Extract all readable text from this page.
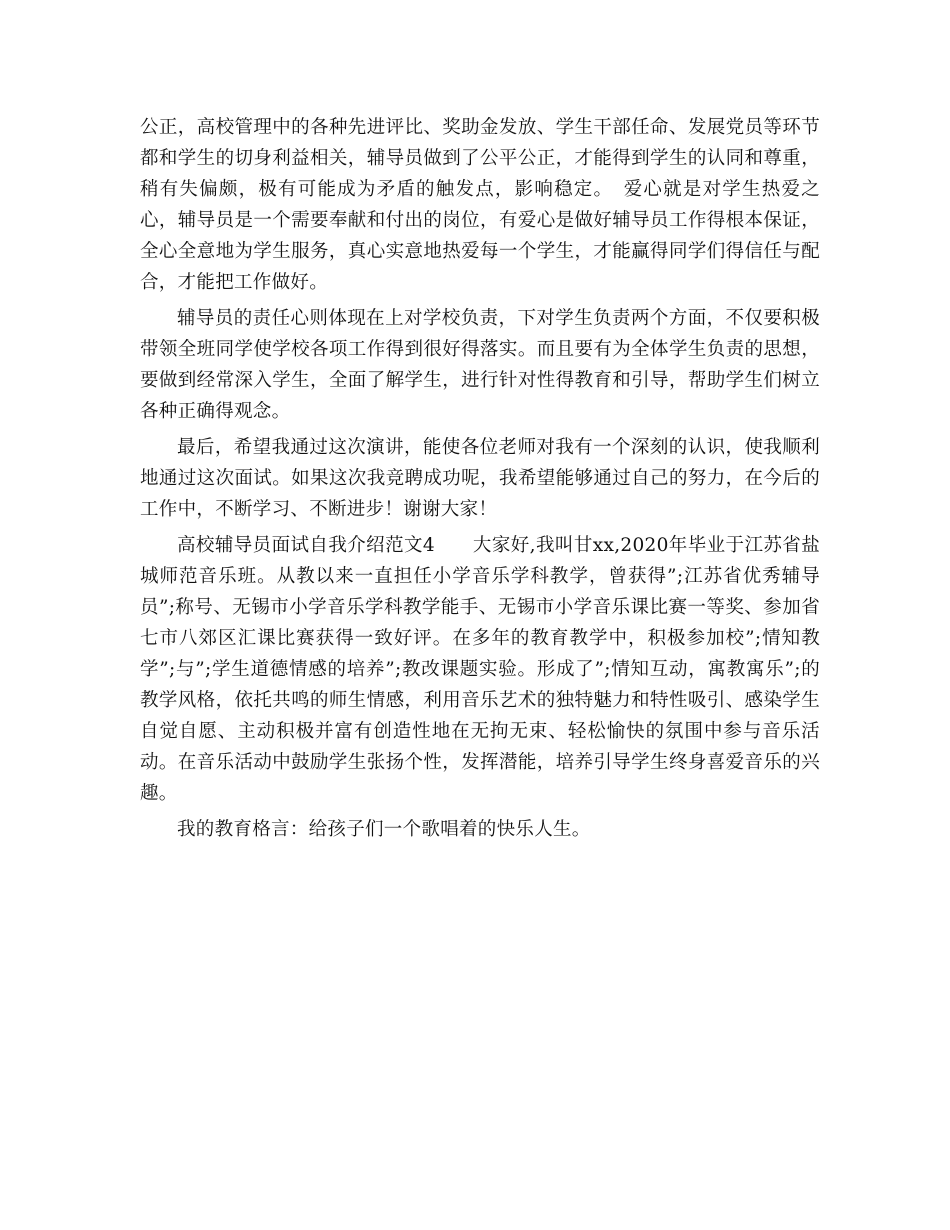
公正，高校管理中的各种先进评比、奖助金发放、学生干部任命、发展党员等环节都和学生的切身利益相关，辅导员做到了公平公正，才能得到学生的认同和尊重，稍有失偏颇，极有可能成为矛盾的触发点，影响稳定。　爱心就是对学生热爱之心，辅导员是一个需要奉献和付出的岗位，有爱心是做好辅导员工作得根本保证，全心全意地为学生服务，真心实意地热爱每一个学生，才能赢得同学们得信任与配合，才能把工作做好。

辅导员的责任心则体现在上对学校负责，下对学生负责两个方面，不仅要积极带领全班同学使学校各项工作得到很好得落实。而且要有为全体学生负责的思想，要做到经常深入学生，全面了解学生，进行针对性得教育和引导，帮助学生们树立各种正确得观念。

最后，希望我通过这次演讲，能使各位老师对我有一个深刻的认识，使我顺利地通过这次面试。如果这次我竞聘成功呢，我希望能够通过自己的努力，在今后的工作中，不断学习、不断进步！谢谢大家！

高校辅导员面试自我介绍范文4　　大家好,我叫甘xx,2020年毕业于江苏省盐城师范音乐班。从教以来一直担任小学音乐学科教学，曾获得”;江苏省优秀辅导员”;称号、无锡市小学音乐学科教学能手、无锡市小学音乐课比赛一等奖、参加省七市八郊区汇课比赛获得一致好评。在多年的教育教学中，积极参加校”;情知教学”;与”;学生道德情感的培养”;教改课题实验。形成了”;情知互动，寓教寓乐”;的教学风格，依托共鸣的师生情感，利用音乐艺术的独特魅力和特性吸引、感染学生自觉自愿、主动积极并富有创造性地在无拘无束、轻松愉快的氛围中参与音乐活动。在音乐活动中鼓励学生张扬个性，发挥潜能，培养引导学生终身喜爱音乐的兴趣。

我的教育格言：给孩子们一个歌唱着的快乐人生。
